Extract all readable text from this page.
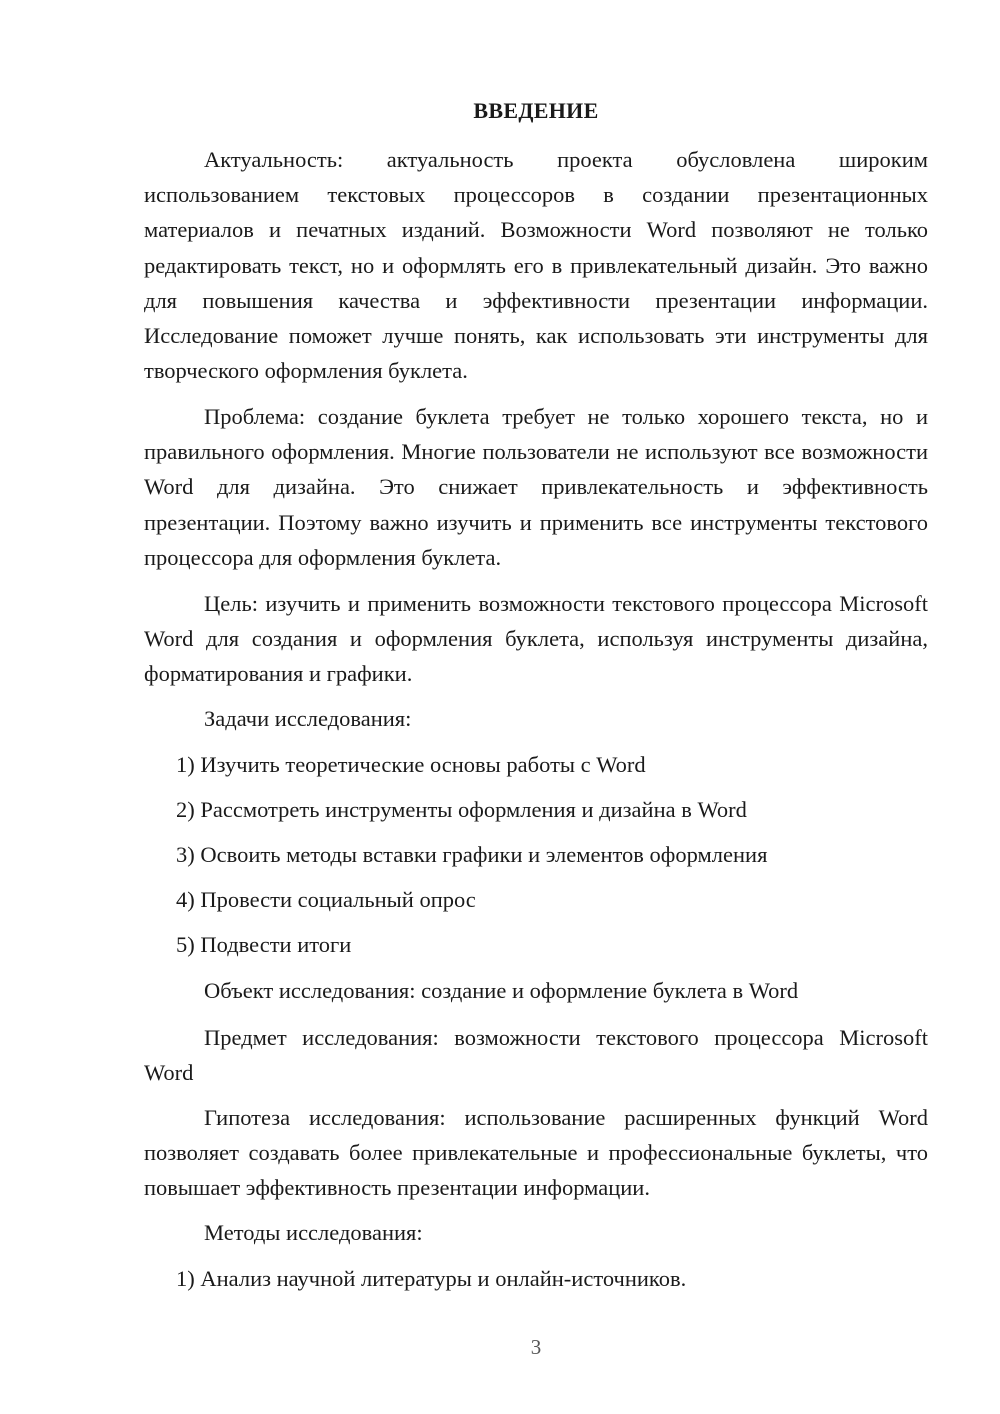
ВВЕДЕНИЕ

Актуальность: актуальность проекта обусловлена широким использованием текстовых процессоров в создании презентационных материалов и печатных изданий. Возможности Word позволяют не только редактировать текст, но и оформлять его в привлекательный дизайн. Это важно для повышения качества и эффективности презентации информации. Исследование поможет лучше понять, как использовать эти инструменты для творческого оформления буклета.

Проблема: создание буклета требует не только хорошего текста, но и правильного оформления. Многие пользователи не используют все возможности Word для дизайна. Это снижает привлекательность и эффективность презентации. Поэтому важно изучить и применить все инструменты текстового процессора для оформления буклета.

Цель: изучить и применить возможности текстового процессора Microsoft Word для создания и оформления буклета, используя инструменты дизайна, форматирования и графики.

Задачи исследования:

1) Изучить теоретические основы работы с Word

2) Рассмотреть инструменты оформления и дизайна в Word

3) Освоить методы вставки графики и элементов оформления

4) Провести социальный опрос

5) Подвести итоги

Объект исследования: создание и оформление буклета в Word

Предмет исследования: возможности текстового процессора Microsoft Word

Гипотеза исследования: использование расширенных функций Word позволяет создавать более привлекательные и профессиональные буклеты, что повышает эффективность презентации информации.

Методы исследования:

1) Анализ научной литературы и онлайн-источников.

3
